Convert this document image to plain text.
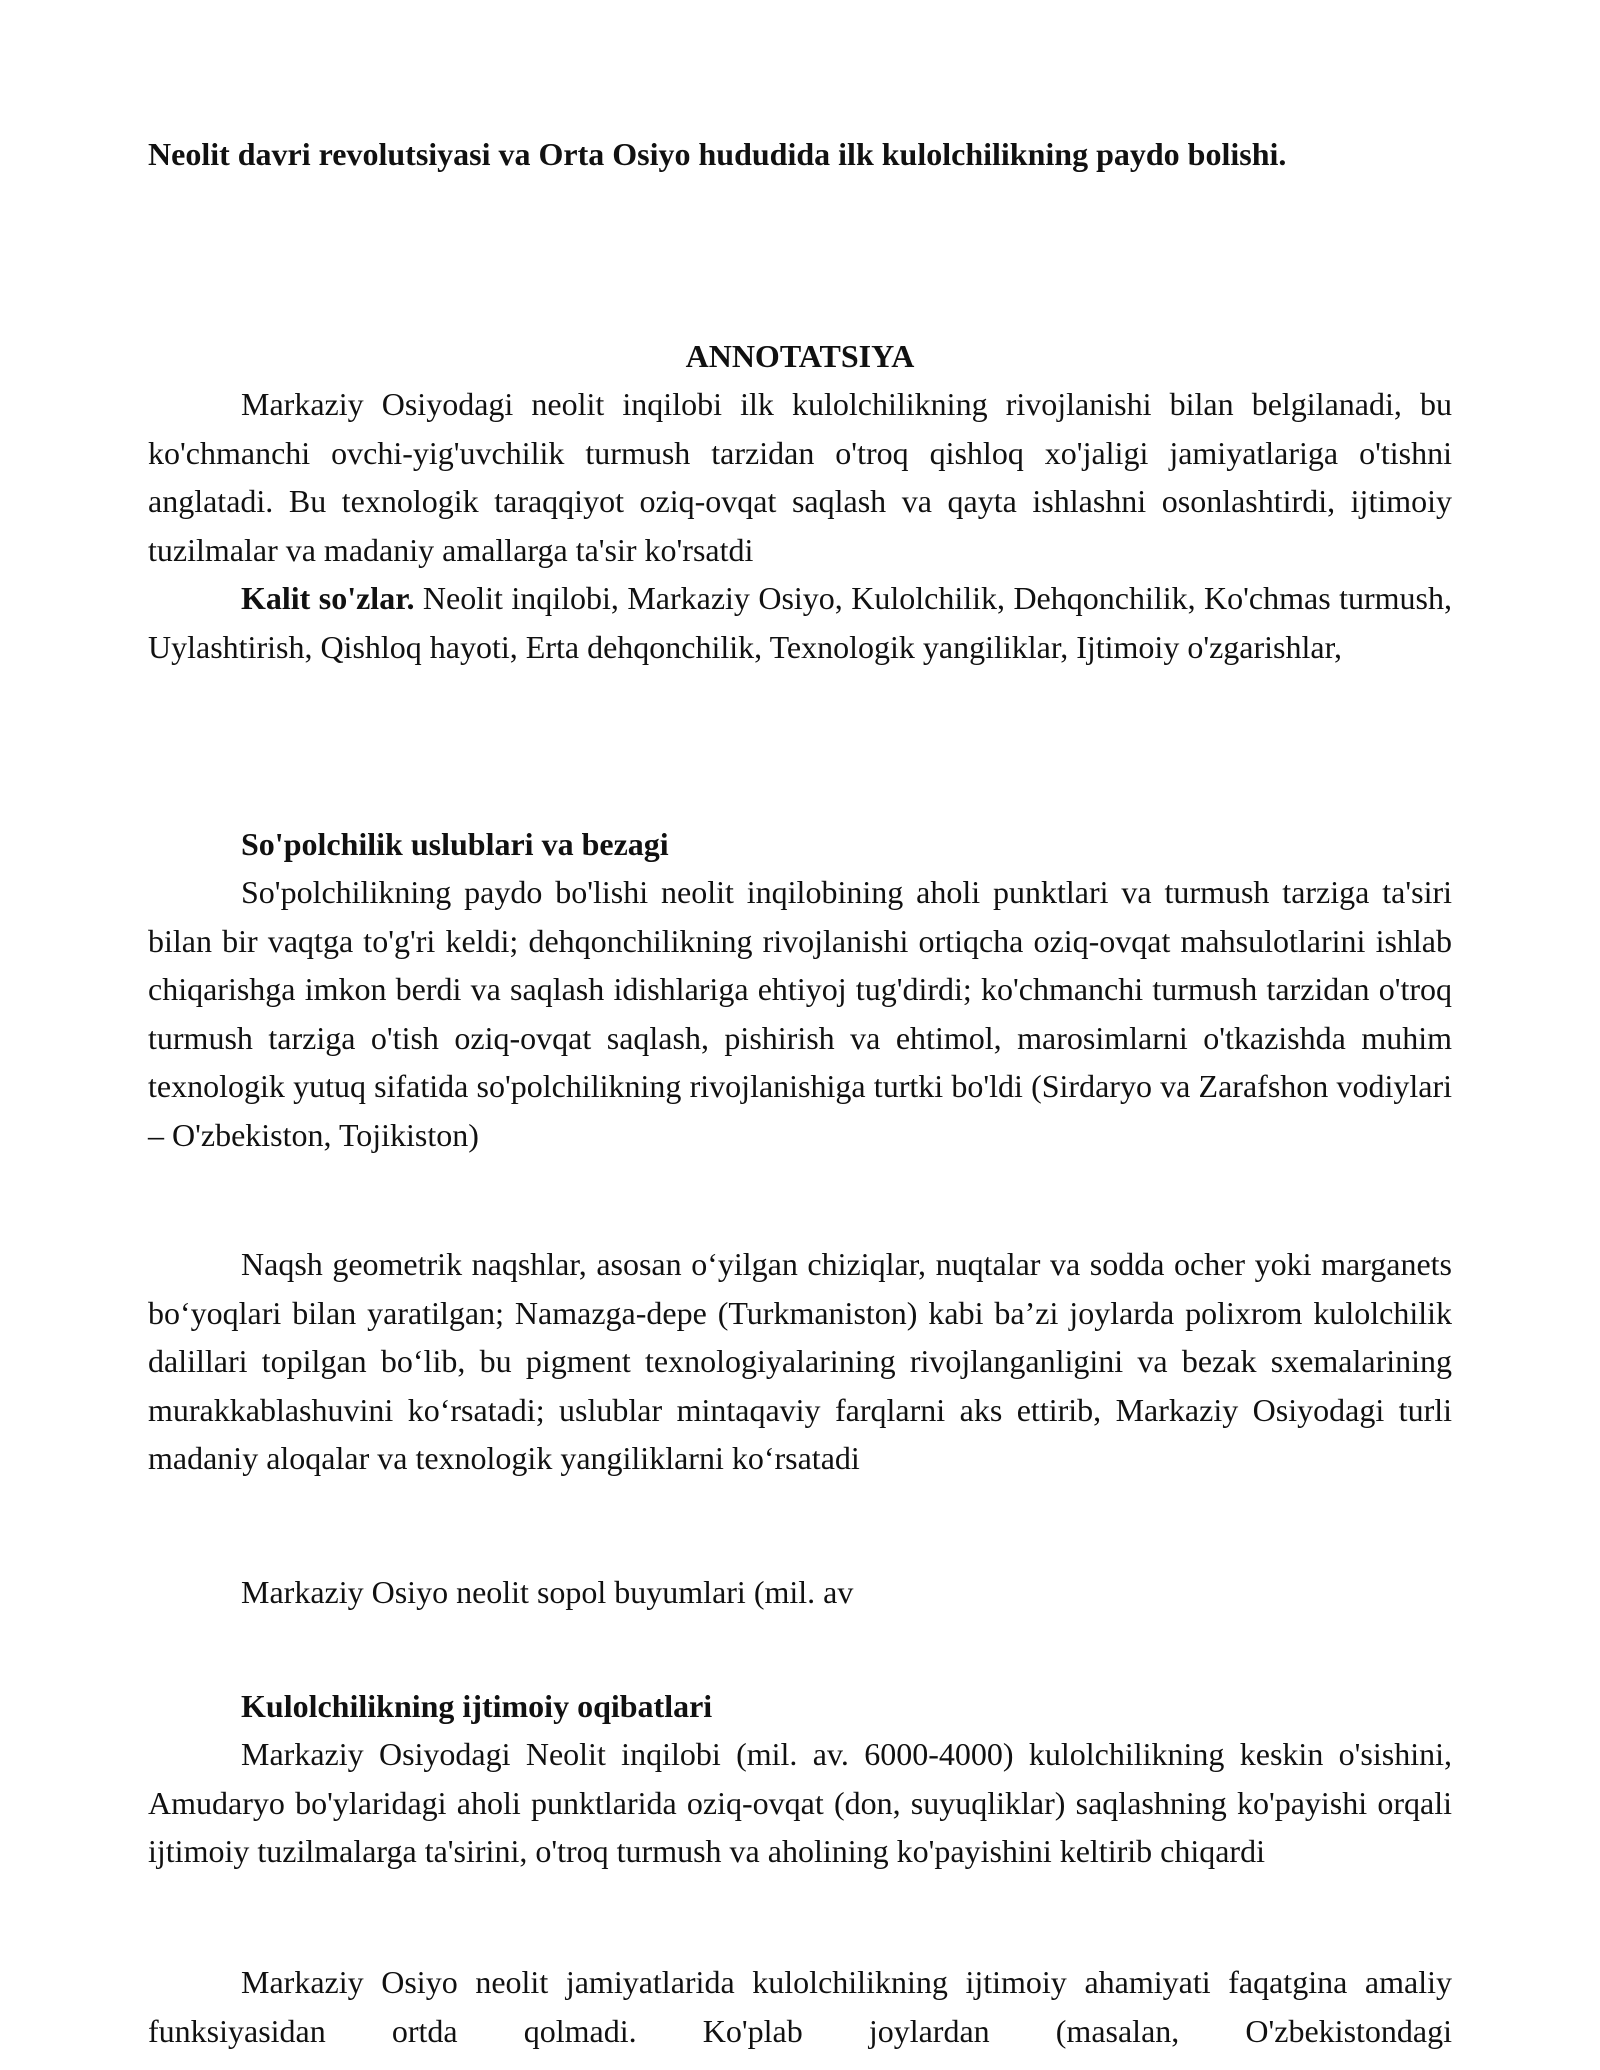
Neolit davri revolutsiyasi va Orta Osiyo hududida ilk kulolchilikning paydo bolishi.
ANNOTATSIYA

Markaziy Osiyodagi neolit inqilobi ilk kulolchilikning rivojlanishi bilan belgilanadi, bu ko'chmanchi ovchi-yig'uvchilik turmush tarzidan o'troq qishloq xo'jaligi jamiyatlariga o'tishni anglatadi. Bu texnologik taraqqiyot oziq-ovqat saqlash va qayta ishlashni osonlashtirdi, ijtimoiy tuzilmalar va madaniy amallarga ta'sir ko'rsatdi

Kalit so'zlar. Neolit inqilobi, Markaziy Osiyo, Kulolchilik, Dehqonchilik, Ko'chmas turmush, Uylashtirish, Qishloq hayoti, Erta dehqonchilik, Texnologik yangiliklar, Ijtimoiy o'zgarishlar,

So'polchilik uslublari va bezagi

So'polchilikning paydo bo'lishi neolit inqilobining aholi punktlari va turmush tarziga ta'siri bilan bir vaqtga to'g'ri keldi; dehqonchilikning rivojlanishi ortiqcha oziq-ovqat mahsulotlarini ishlab chiqarishga imkon berdi va saqlash idishlariga ehtiyoj tug'dirdi; ko'chmanchi turmush tarzidan o'troq turmush tarziga o'tish oziq-ovqat saqlash, pishirish va ehtimol, marosimlarni o'tkazishda muhim texnologik yutuq sifatida so'polchilikning rivojlanishiga turtki bo'ldi (Sirdaryo va Zarafshon vodiylari – O'zbekiston, Tojikiston)

Naqsh geometrik naqshlar, asosan o‘yilgan chiziqlar, nuqtalar va sodda ocher yoki marganets bo‘yoqlari bilan yaratilgan; Namazga-depe (Turkmaniston) kabi ba’zi joylarda polixrom kulolchilik dalillari topilgan bo‘lib, bu pigment texnologiyalarining rivojlanganligini va bezak sxemalarining murakkablashuvini ko‘rsatadi; uslublar mintaqaviy farqlarni aks ettirib, Markaziy Osiyodagi turli madaniy aloqalar va texnologik yangiliklarni ko‘rsatadi

Markaziy Osiyo neolit sopol buyumlari (mil. av
Kulolchilikning ijtimoiy oqibatlari

Markaziy Osiyodagi Neolit inqilobi (mil. av. 6000-4000) kulolchilikning keskin o'sishini, Amudaryo bo'ylaridagi aholi punktlarida oziq-ovqat (don, suyuqliklar) saqlashning ko'payishi orqali ijtimoiy tuzilmalarga ta'sirini, o'troq turmush va aholining ko'payishini keltirib chiqardi

Markaziy Osiyo neolit jamiyatlarida kulolchilikning ijtimoiy ahamiyati faqatgina amaliy funksiyasidan ortda qolmadi. Ko'plab joylardan (masalan, O'zbekistondagi
